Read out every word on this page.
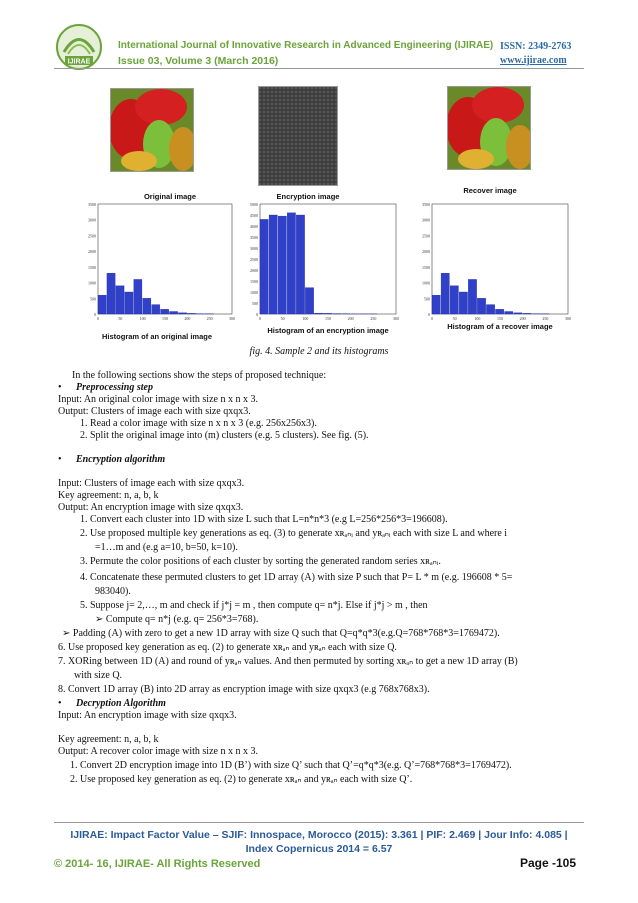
IJIRAE
International Journal of Innovative Research in Advanced Engineering (IJIRAE) ISSN: 2349-2763
Issue 03, Volume 3 (March 2016)	www.ijirae.com
Original image	Encryption image
Recover image
0
500
1000
1500
2000
2500
3000
3500
0	50	100	150	200	250	300
0
500
1000
1500
2000
2500
3000
3500
4000
4500
5000
0	50	100	150	200	250	300
0
500
1000
1500
2000
2500
3000
3500
0	50	100	150	200	250	300
Histogram of an original image
Histogram of an encryption image	Histogram of a recover image
fig. 4. Sample 2 and its histograms
In the following sections show the steps of proposed technique:
• Preprocessing step
Input: An original color image with size n x n x 3.
Output: Clusters of image each with size qxqx3.
1. Read a color image with size n x n x 3 (e.g. 256x256x3).
2. Split the original image into (m) clusters (e.g. 5 clusters). See fig. (5).
• Encryption algorithm
Input: Clusters of image each with size qxqx3.
Key agreement: n, a, b, k
Output: An encryption image with size qxqx3.
1. Convert each cluster into 1D with size L such that L=n*n*3 (e.g L=256*256*3=196608).
2. Use proposed multiple key generations as eq. (3) to generate xʀₐₙᵢ and yʀₐₙᵢ each with size L and where i
=1…m and (e.g a=10, b=50, k=10).
3. Permute the color positions of each cluster by sorting the generated random series xʀₐₙᵢ.
4. Concatenate these permuted clusters to get 1D array (A) with size P such that P= L * m (e.g. 196608 * 5=
983040).
5. Suppose j= 2,…, m and check if j*j = m , then compute q= n*j. Else if j*j > m , then
➢ Compute q= n*j (e.g. q= 256*3=768).
➢ Padding (A) with zero to get a new 1D array with size Q such that Q=q*q*3(e.g.Q=768*768*3=1769472).
6. Use proposed key generation as eq. (2) to generate xʀₐₙ and yʀₐₙ each with size Q.
7. XORing between 1D (A) and round of yʀₐₙ values. And then permuted by sorting xʀₐₙ to get a new 1D array (B)
with size Q.
8. Convert 1D array (B) into 2D array as encryption image with size qxqx3 (e.g 768x768x3).
• Decryption Algorithm
Input: An encryption image with size qxqx3.
Key agreement: n, a, b, k
Output: A recover color image with size n x n x 3.
1. Convert 2D encryption image into 1D (B’) with size Q’ such that Q’=q*q*3(e.g. Q’=768*768*3=1769472).
2. Use proposed key generation as eq. (2) to generate xʀₐₙ and yʀₐₙ each with size Q’.
IJIRAE: Impact Factor Value – SJIF: Innospace, Morocco (2015): 3.361 | PIF: 2.469 | Jour Info: 4.085 |
Index Copernicus 2014 = 6.57
© 2014- 16, IJIRAE- All Rights Reserved	Page -105
